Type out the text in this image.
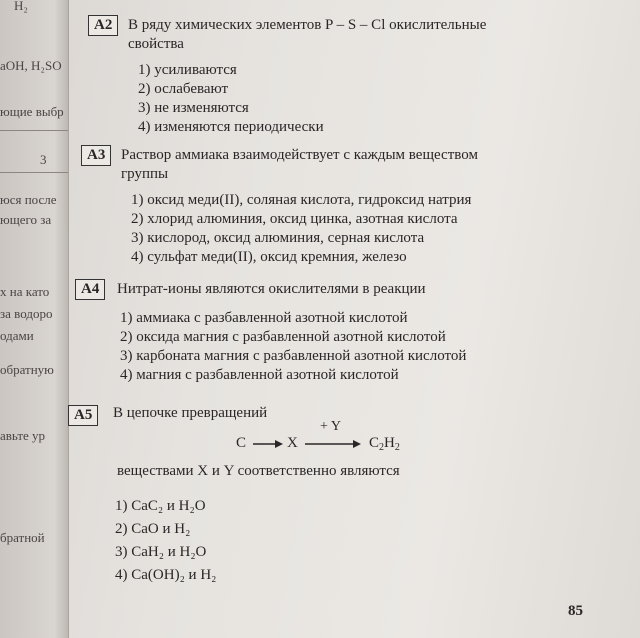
Н₂
aOH, H₂SO
ющие выбр
3
юся после
ющего за
х на като
за водоро
одами
обратную
авьте ур
братной
A2	В ряду химических элементов P – S – Cl окислительные
свойства
1) усиливаются
2) ослабевают
3) не изменяются
4) изменяются периодически
A3	Раствор аммиака взаимодействует с каждым веществом
группы
1) оксид меди(II), соляная кислота, гидроксид натрия
2) хлорид алюминия, оксид цинка, азотная кислота
3) кислород, оксид алюминия, серная кислота
4) сульфат меди(II), оксид кремния, железо
A4	Нитрат-ионы являются окислителями в реакции
1) аммиака с разбавленной азотной кислотой
2) оксида магния с разбавленной азотной кислотой
3) карбоната магния с разбавленной азотной кислотой
4) магния с разбавленной азотной кислотой
A5	В цепочке превращений
C	X
+ Y
$C_2H_2$
веществами X и Y соответственно являются
1) CaC₂ и H₂O
2) CaO и H₂
3) CaH₂ и H₂O
4) Ca(OH)₂ и H₂
85
